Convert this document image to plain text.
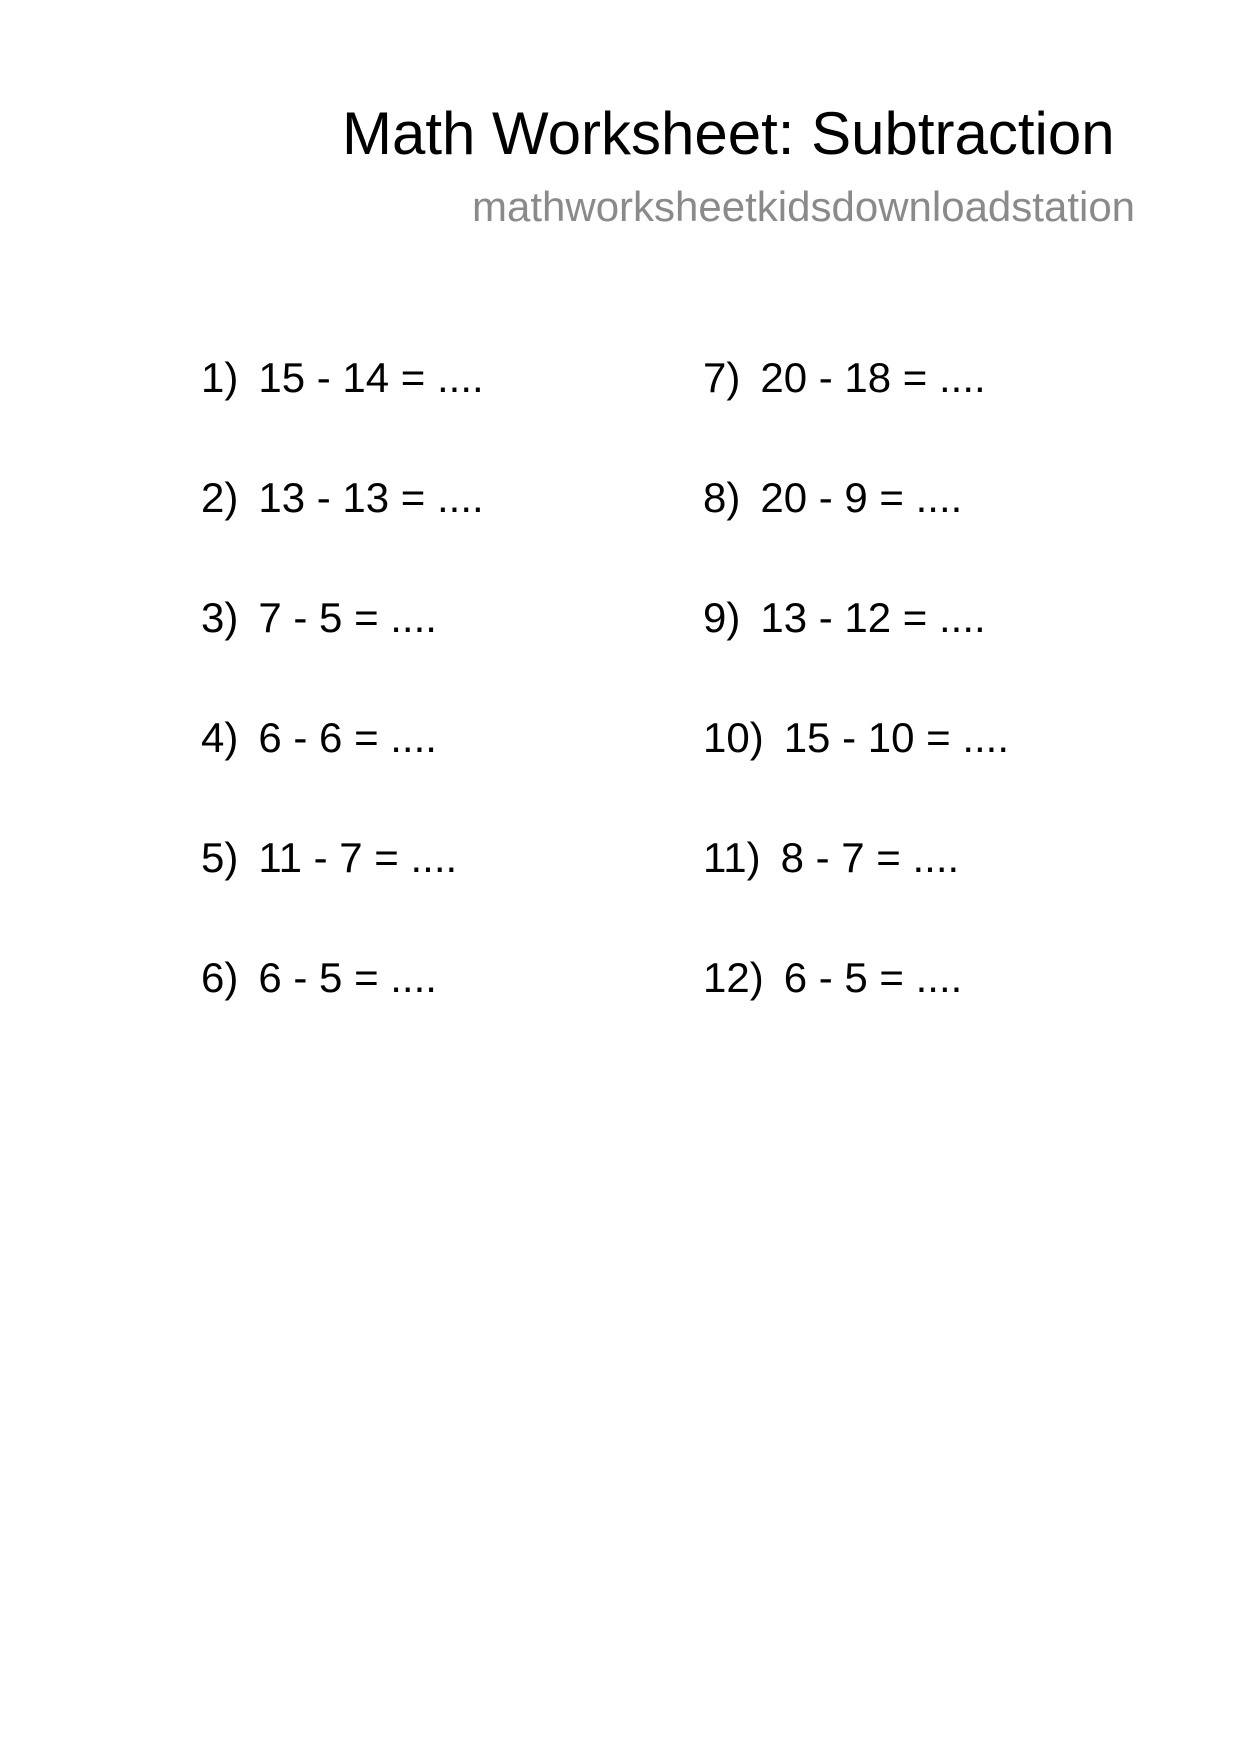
Math Worksheet: Subtraction
mathworksheetkidsdownloadstation
1) 15 - 14 = ....
2) 13 - 13 = ....
3) 7 - 5 = ....
4) 6 - 6 = ....
5) 11 - 7 = ....
6) 6 - 5 = ....
7) 20 - 18 = ....
8) 20 - 9 = ....
9) 13 - 12 = ....
10) 15 - 10 = ....
11) 8 - 7 = ....
12) 6 - 5 = ....
